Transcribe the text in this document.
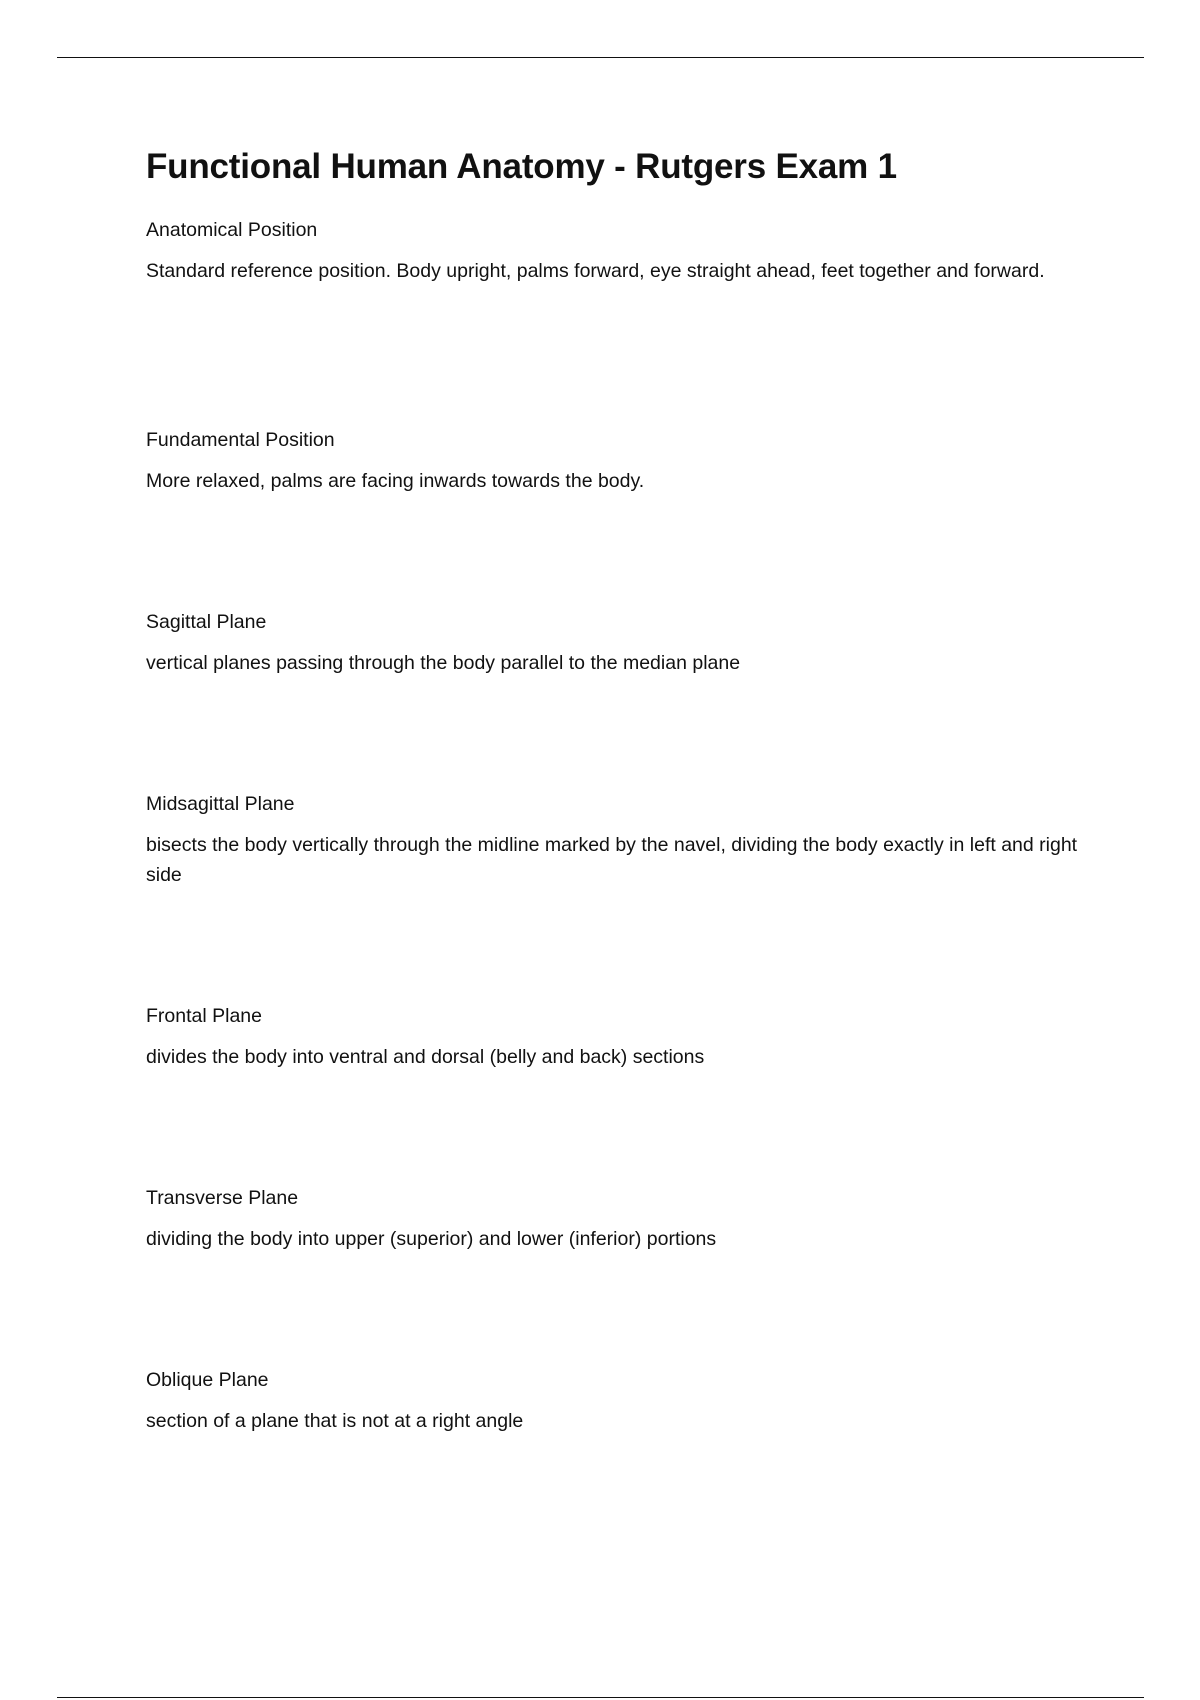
Functional Human Anatomy - Rutgers Exam 1

Anatomical Position

Standard reference position. Body upright, palms forward, eye straight ahead, feet together and forward.

Fundamental Position

More relaxed, palms are facing inwards towards the body.

Sagittal Plane

vertical planes passing through the body parallel to the median plane

Midsagittal Plane

bisects the body vertically through the midline marked by the navel, dividing the body exactly in left and right side

Frontal Plane

divides the body into ventral and dorsal (belly and back) sections

Transverse Plane

dividing the body into upper (superior) and lower (inferior) portions

Oblique Plane

section of a plane that is not at a right angle
